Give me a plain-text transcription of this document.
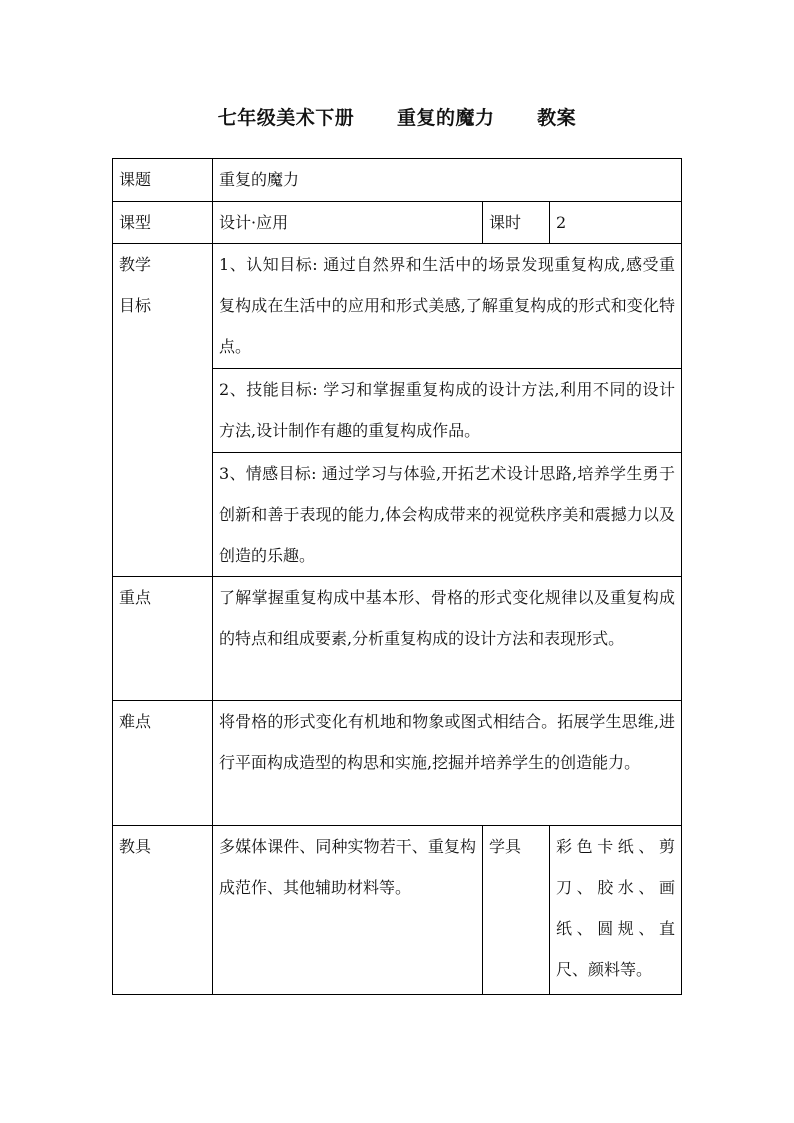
七年级美术下册      重复的魔力      教案
课题	重复的魔力		
课型	设计·应用	课时	2

教学
目标	1、认知目标: 通过自然界和生活中的场景发现重复构成,感受重复构成在生活中的应用和形式美感,了解重复构成的形式和变化特点。		
	2、技能目标: 学习和掌握重复构成的设计方法,利用不同的设计方法,设计制作有趣的重复构成作品。		
	3、情感目标: 通过学习与体验,开拓艺术设计思路,培养学生勇于创新和善于表现的能力,体会构成带来的视觉秩序美和震撼力以及创造的乐趣。		
重点	了解掌握重复构成中基本形、骨格的形式变化规律以及重复构成的特点和组成要素,分析重复构成的设计方法和表现形式。		
难点	将骨格的形式变化有机地和物象或图式相结合。拓展学生思维,进行平面构成造型的构思和实施,挖掘并培养学生的创造能力。		
教具	多媒体课件、同种实物若干、重复构成范作、其他辅助材料等。	学具	彩色卡纸、剪刀、胶水、画纸、圆规、直尺、颜料等。
